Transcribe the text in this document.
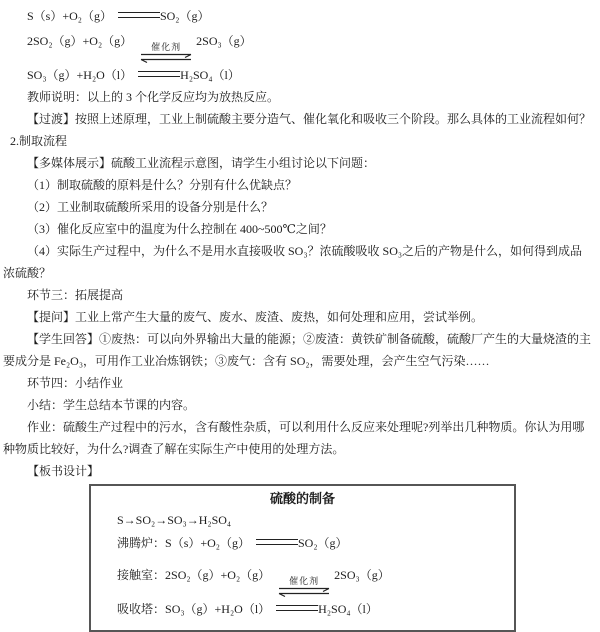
S（s）+O₂（g）	SO₂（g）
2SO₂（g）+O₂（g） 催化剂 2SO₃（g）
SO₃（g）+H₂O（l）	H₂SO₄（l）

教师说明：以上的 3 个化学反应均为放热反应。

【过渡】按照上述原理，工业上制硫酸主要分造气、催化氧化和吸收三个阶段。那么具体的工业流程如何？

2.制取流程

【多媒体展示】硫酸工业流程示意图，请学生小组讨论以下问题：

（1）制取硫酸的原料是什么？分别有什么优缺点？

（2）工业制取硫酸所采用的设备分别是什么？

（3）催化反应室中的温度为什么控制在 400~500℃之间？

（4）实际生产过程中，为什么不是用水直接吸收 SO₃？浓硫酸吸收 SO₃之后的产物是什么，如何得到成品浓硫酸？

环节三：拓展提高

【提问】工业上常产生大量的废气、废水、废渣、废热，如何处理和应用，尝试举例。

【学生回答】①废热：可以向外界输出大量的能源；②废渣：黄铁矿制备硫酸，硫酸厂产生的大量烧渣的主要成分是 Fe₂O₃，可用作工业冶炼钢铁；③废气：含有 SO₂，需要处理，会产生空气污染……

环节四：小结作业

小结：学生总结本节课的内容。

作业：硫酸生产过程中的污水，含有酸性杂质，可以利用什么反应来处理呢?列举出几种物质。你认为用哪种物质比较好，为什么?调查了解在实际生产中使用的处理方法。

【板书设计】

硫酸的制备
S→SO₂→SO₃→H₂SO₄
沸腾炉：S（s）+O₂（g）	SO₂（g）
接触室：2SO₂（g）+O₂（g） 催化剂 2SO₃（g）
吸收塔：SO₃（g）+H₂O（l）	H₂SO₄（l）
